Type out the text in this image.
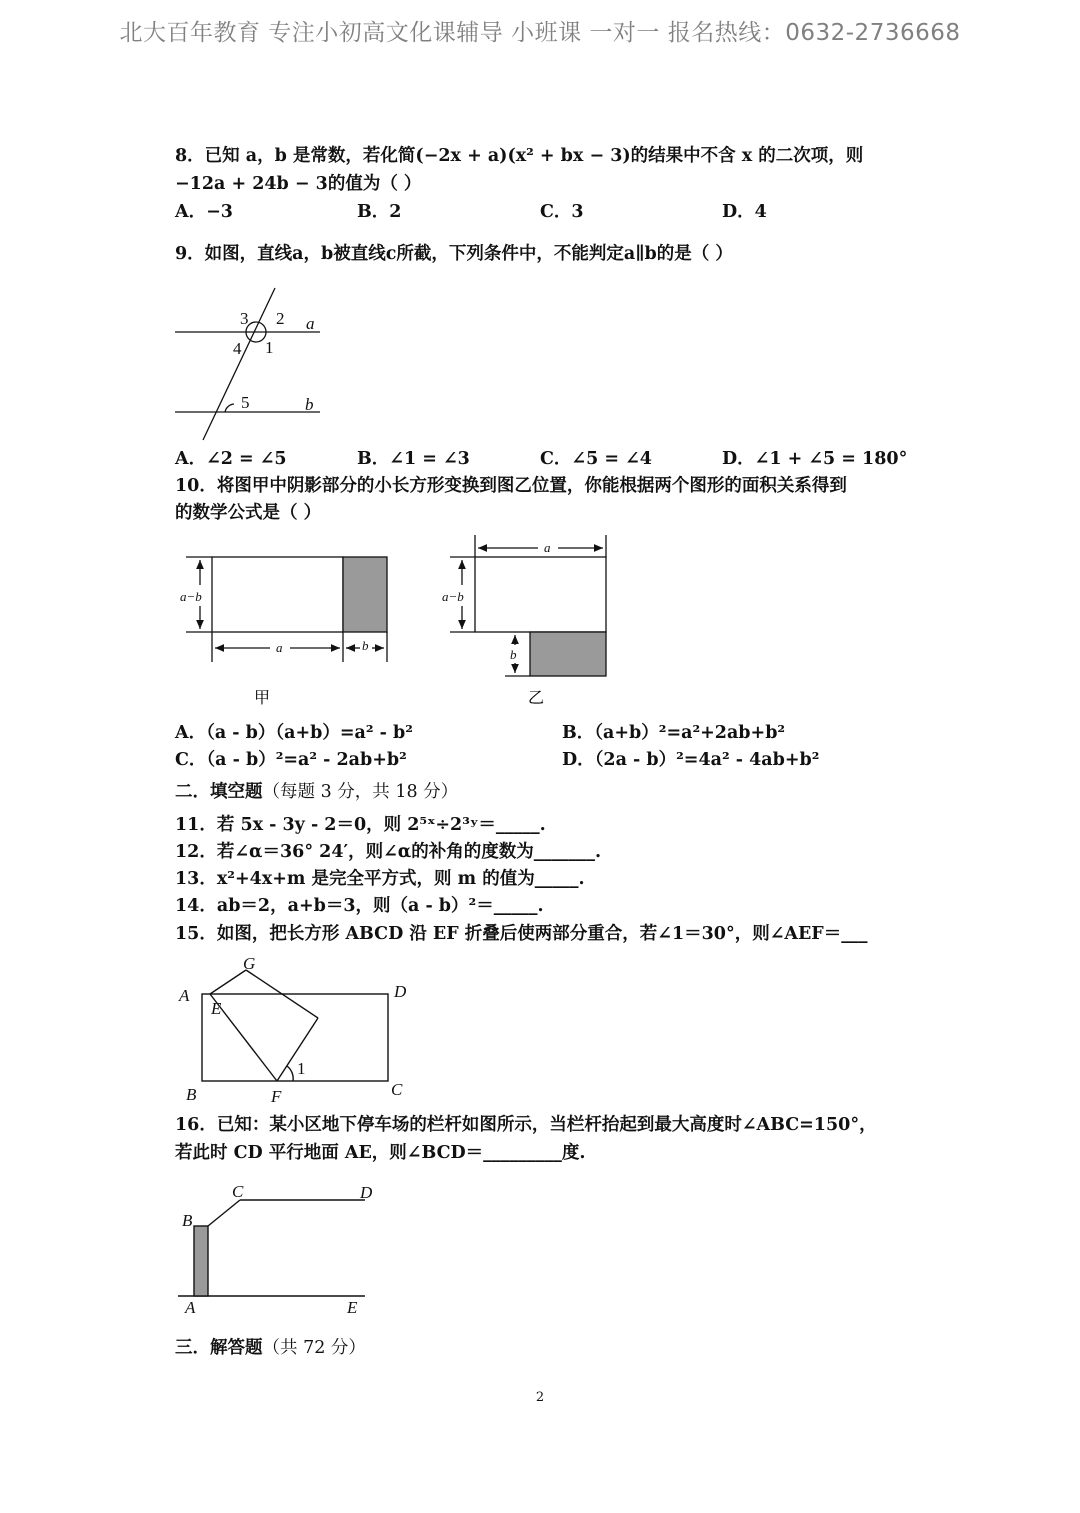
北大百年教育 专注小初高文化课辅导 小班课 一对一 报名热线：0632-2736668
8．已知 a，b 是常数，若化简(−2x + a)(x² + bx − 3)的结果中不含 x 的二次项，则
−12a + 24b − 3的值为（ ）
A．−3	B．2	C．3	D．4
9．如图，直线a，b被直线c所截，下列条件中，不能判定a∥b的是（ ）
A．∠2 = ∠5	B．∠1 = ∠3	C．∠5 = ∠4	D．∠1 + ∠5 = 180°
10．将图甲中阴影部分的小长方形变换到图乙位置，你能根据两个图形的面积关系得到
的数学公式是（ ）
A．（a - b）（a+b）=a² - b²	B．（a+b）²=a²+2ab+b²
C．（a - b）²=a² - 2ab+b²	D．（2a - b）²=4a² - 4ab+b²
二．填空题（每题 3 分，共 18 分）
11．若 5x - 3y - 2＝0，则 2⁵ˣ÷2³ʸ＝_____.
12．若∠α＝36° 24′，则∠α的补角的度数为_______.
13．x²+4x+m 是完全平方式，则 m 的值为_____.
14．ab＝2，a+b＝3，则（a - b）²＝_____.
15．如图，把长方形 ABCD 沿 EF 折叠后使两部分重合，若∠1＝30°，则∠AEF＝___
16．已知：某小区地下停车场的栏杆如图所示，当栏杆抬起到最大高度时∠ABC=150°，
若此时 CD 平行地面 AE，则∠BCD＝_________度.
三．解答题（共 72 分）
2
3 2 a
4 1
5	b
a−b
a	b
甲
a
a−b
b
乙
G
A	D
E
B	F	C
1
B
C	D
A	E
